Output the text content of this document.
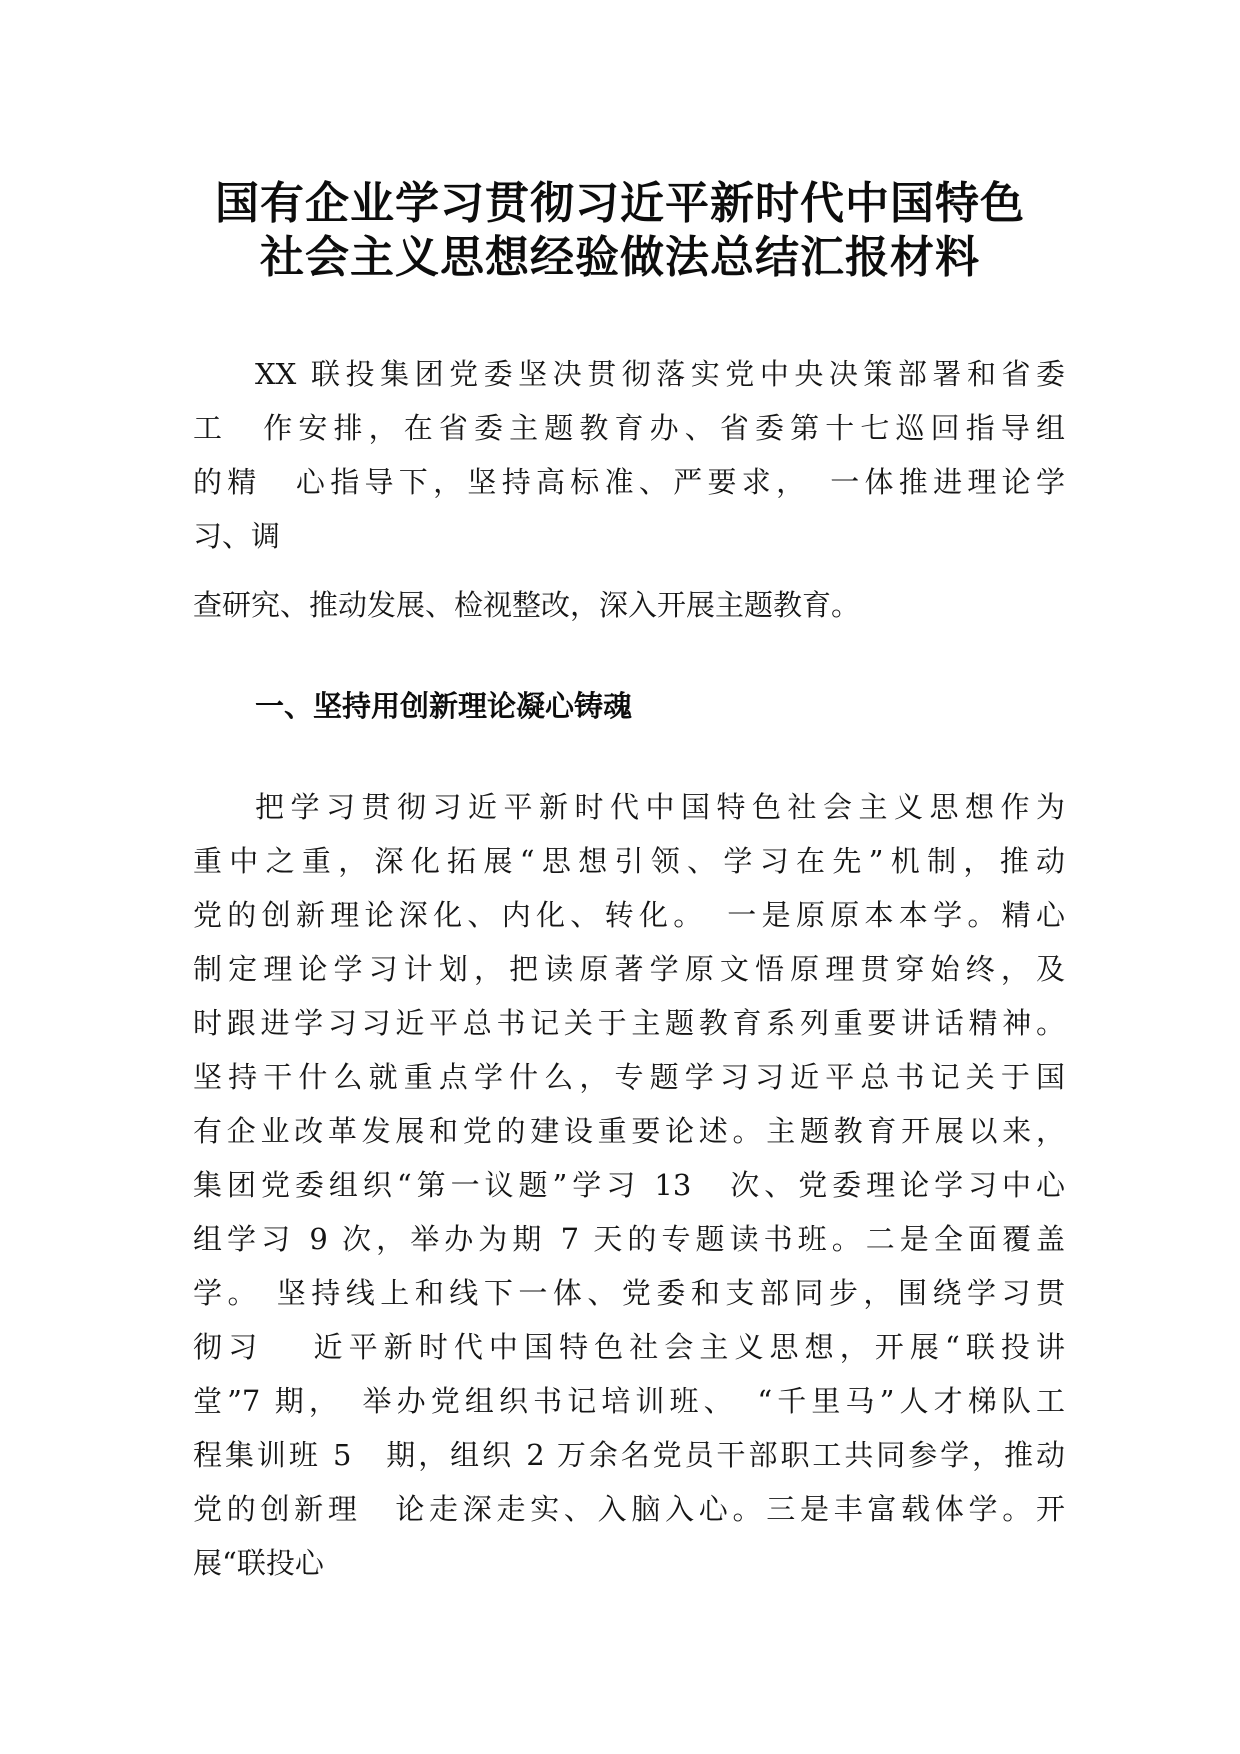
国有企业学习贯彻习近平新时代中国特色
社会主义思想经验做法总结汇报材料
XX 联投集团党委坚决贯彻落实党中央决策部署和省委
工　作安排，在省委主题教育办、省委第十七巡回指导组
的精　心指导下，坚持高标准、严要求，　一体推进理论学
习、调
查研究、推动发展、检视整改，深入开展主题教育。
一、坚持用创新理论凝心铸魂
把学习贯彻习近平新时代中国特色社会主义思想作为
重中之重，深化拓展“思想引领、学习在先”机制，推动
党的创新理论深化、内化、转化。　一是原原本本学。精心
制定理论学习计划，把读原著学原文悟原理贯穿始终，及
时跟进学习习近平总书记关于主题教育系列重要讲话精神。
坚持干什么就重点学什么，专题学习习近平总书记关于国
有企业改革发展和党的建设重要论述。主题教育开展以来，
集团党委组织“第一议题”学习 13　次、党委理论学习中心
组学习 9 次，举办为期 7 天的专题读书班。二是全面覆盖
学。 坚持线上和线下一体、党委和支部同步，围绕学习贯
彻习　 近平新时代中国特色社会主义思想，开展“联投讲
堂”7 期，　举办党组织书记培训班、　“千里马”人才梯队工
程集训班 5　期，组织 2 万余名党员干部职工共同参学，推动
党的创新理　论走深走实、入脑入心。三是丰富载体学。开
展“联投心
